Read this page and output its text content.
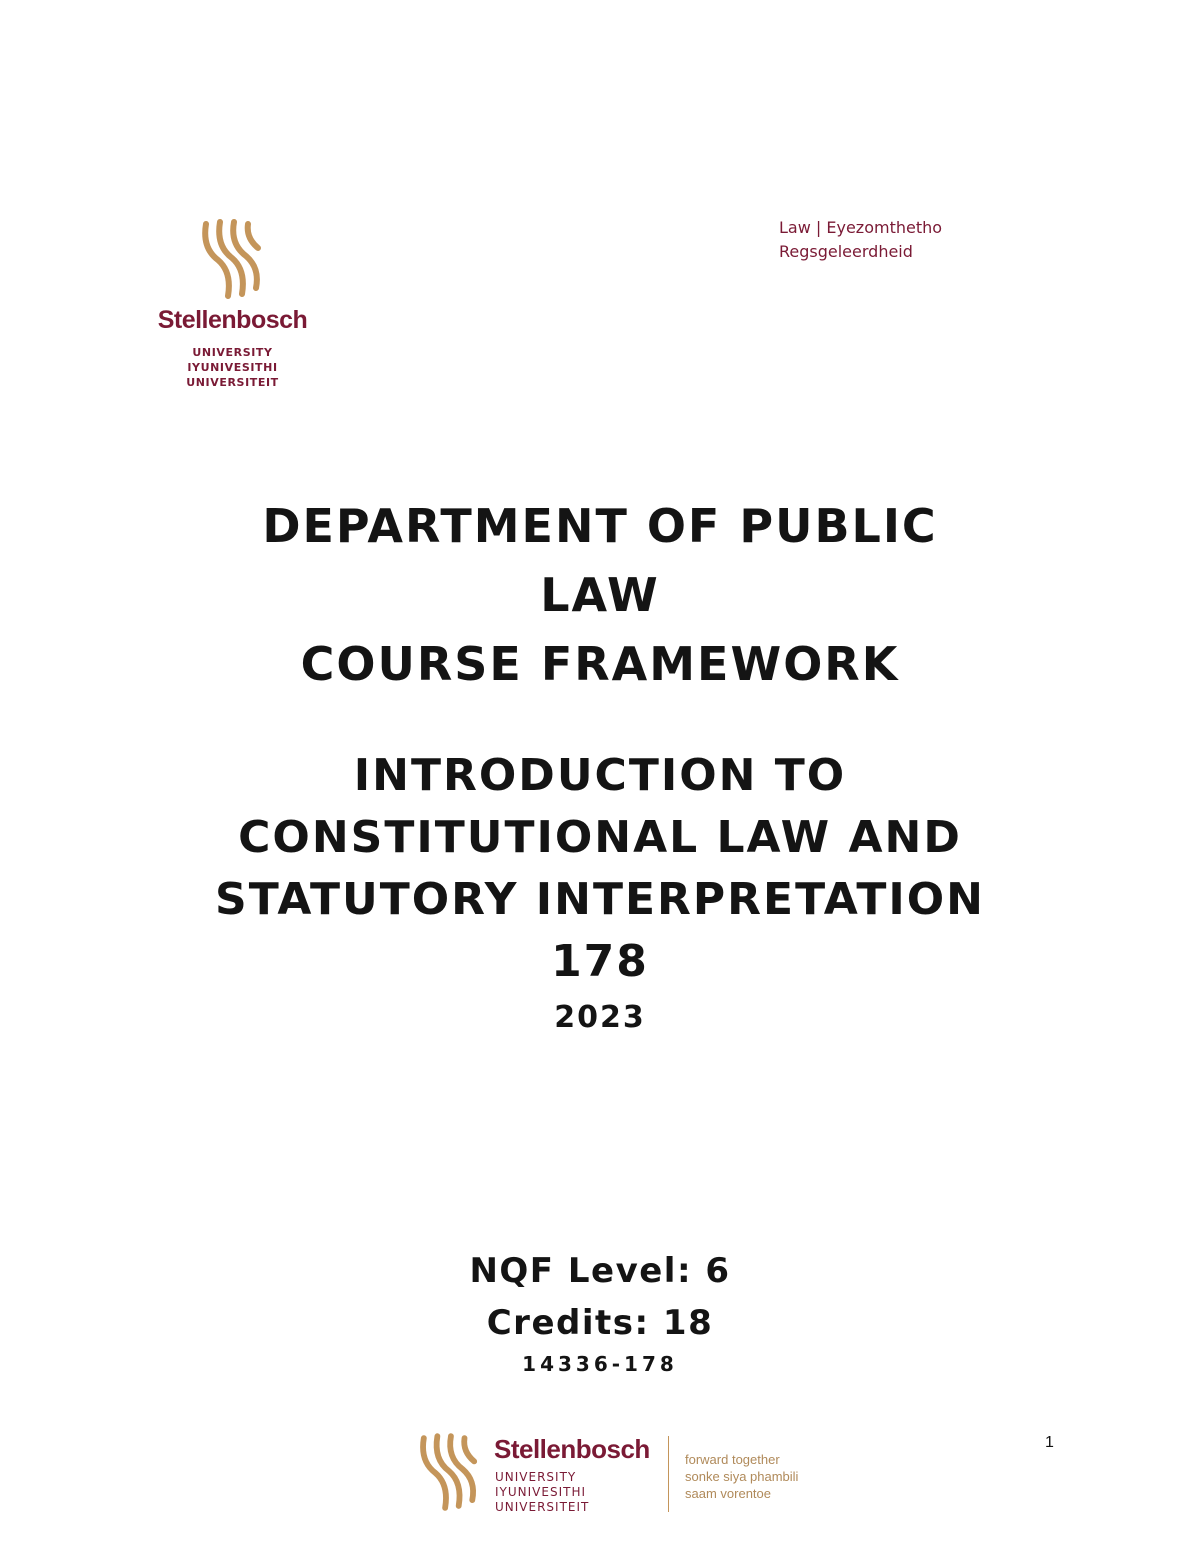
Stellenbosch
UNIVERSITY
IYUNIVESITHI
UNIVERSITEIT
Law | Eyezomthetho
Regsgeleerdheid
DEPARTMENT OF PUBLIC
LAW
COURSE FRAMEWORK
INTRODUCTION TO
CONSTITUTIONAL LAW AND
STATUTORY INTERPRETATION
178
2023
NQF Level: 6
Credits: 18
14336-178
1
Stellenbosch
UNIVERSITY
IYUNIVESITHI
UNIVERSITEIT
forward together
sonke siya phambili
saam vorentoe
